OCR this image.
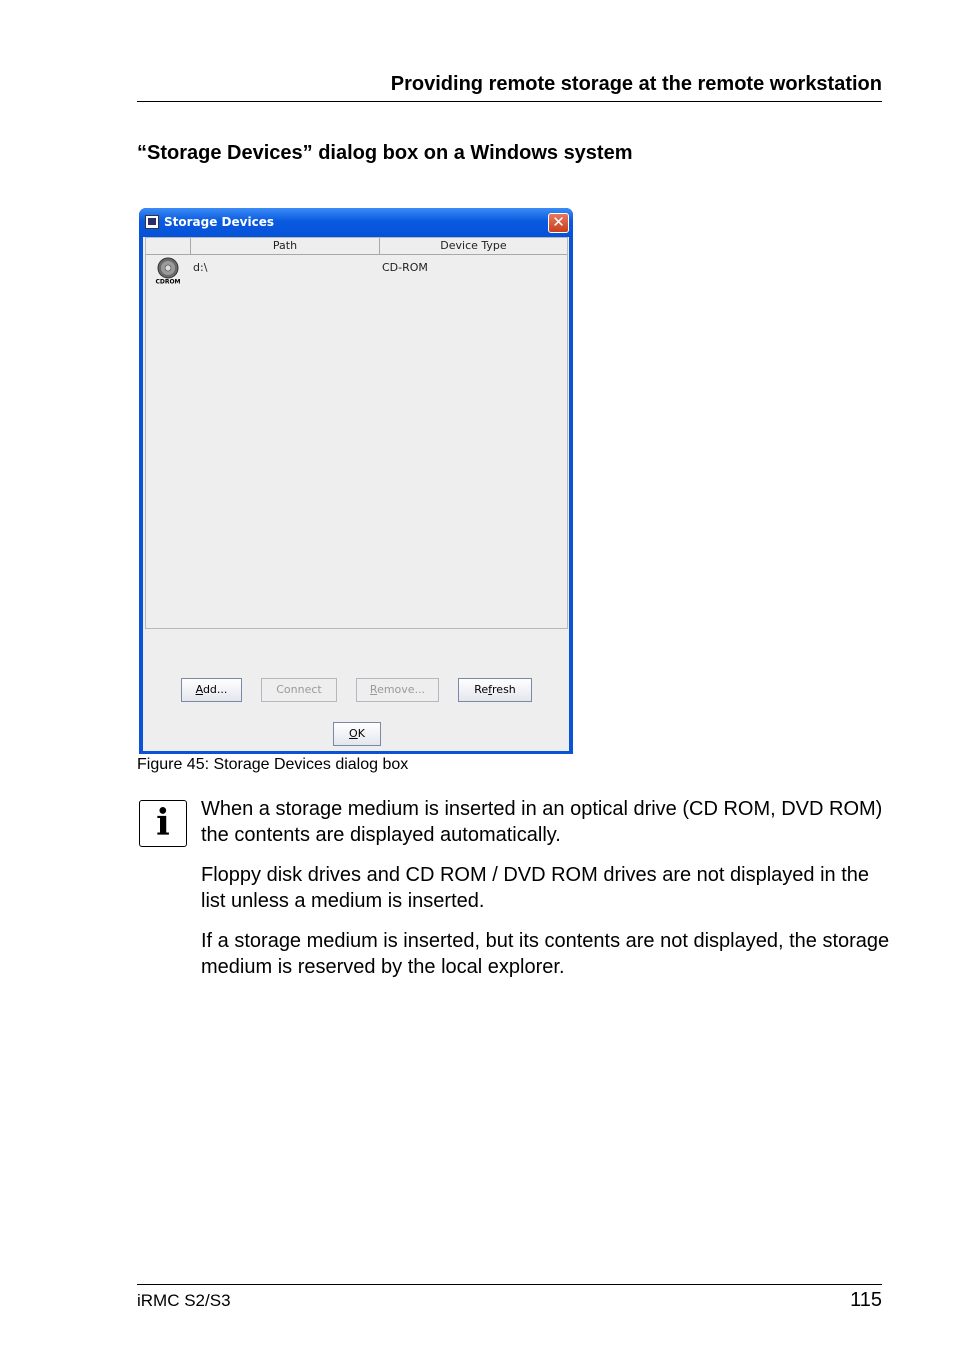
Providing remote storage at the remote workstation
“Storage Devices” dialog box on a Windows system
Storage Devices	✕
Path	Device Type
CDROM
d:\	CD-ROM
Add...	Connect	Remove...	Refresh
OK
Figure 45: Storage Devices dialog box
i	When a storage medium is inserted in an optical drive (CD ROM, DVD ROM) the contents are displayed automatically.
Floppy disk drives and CD ROM / DVD ROM drives are not displayed in the list unless a medium is inserted.
If a storage medium is inserted, but its contents are not displayed, the storage medium is reserved by the local explorer.
iRMC S2/S3	115
